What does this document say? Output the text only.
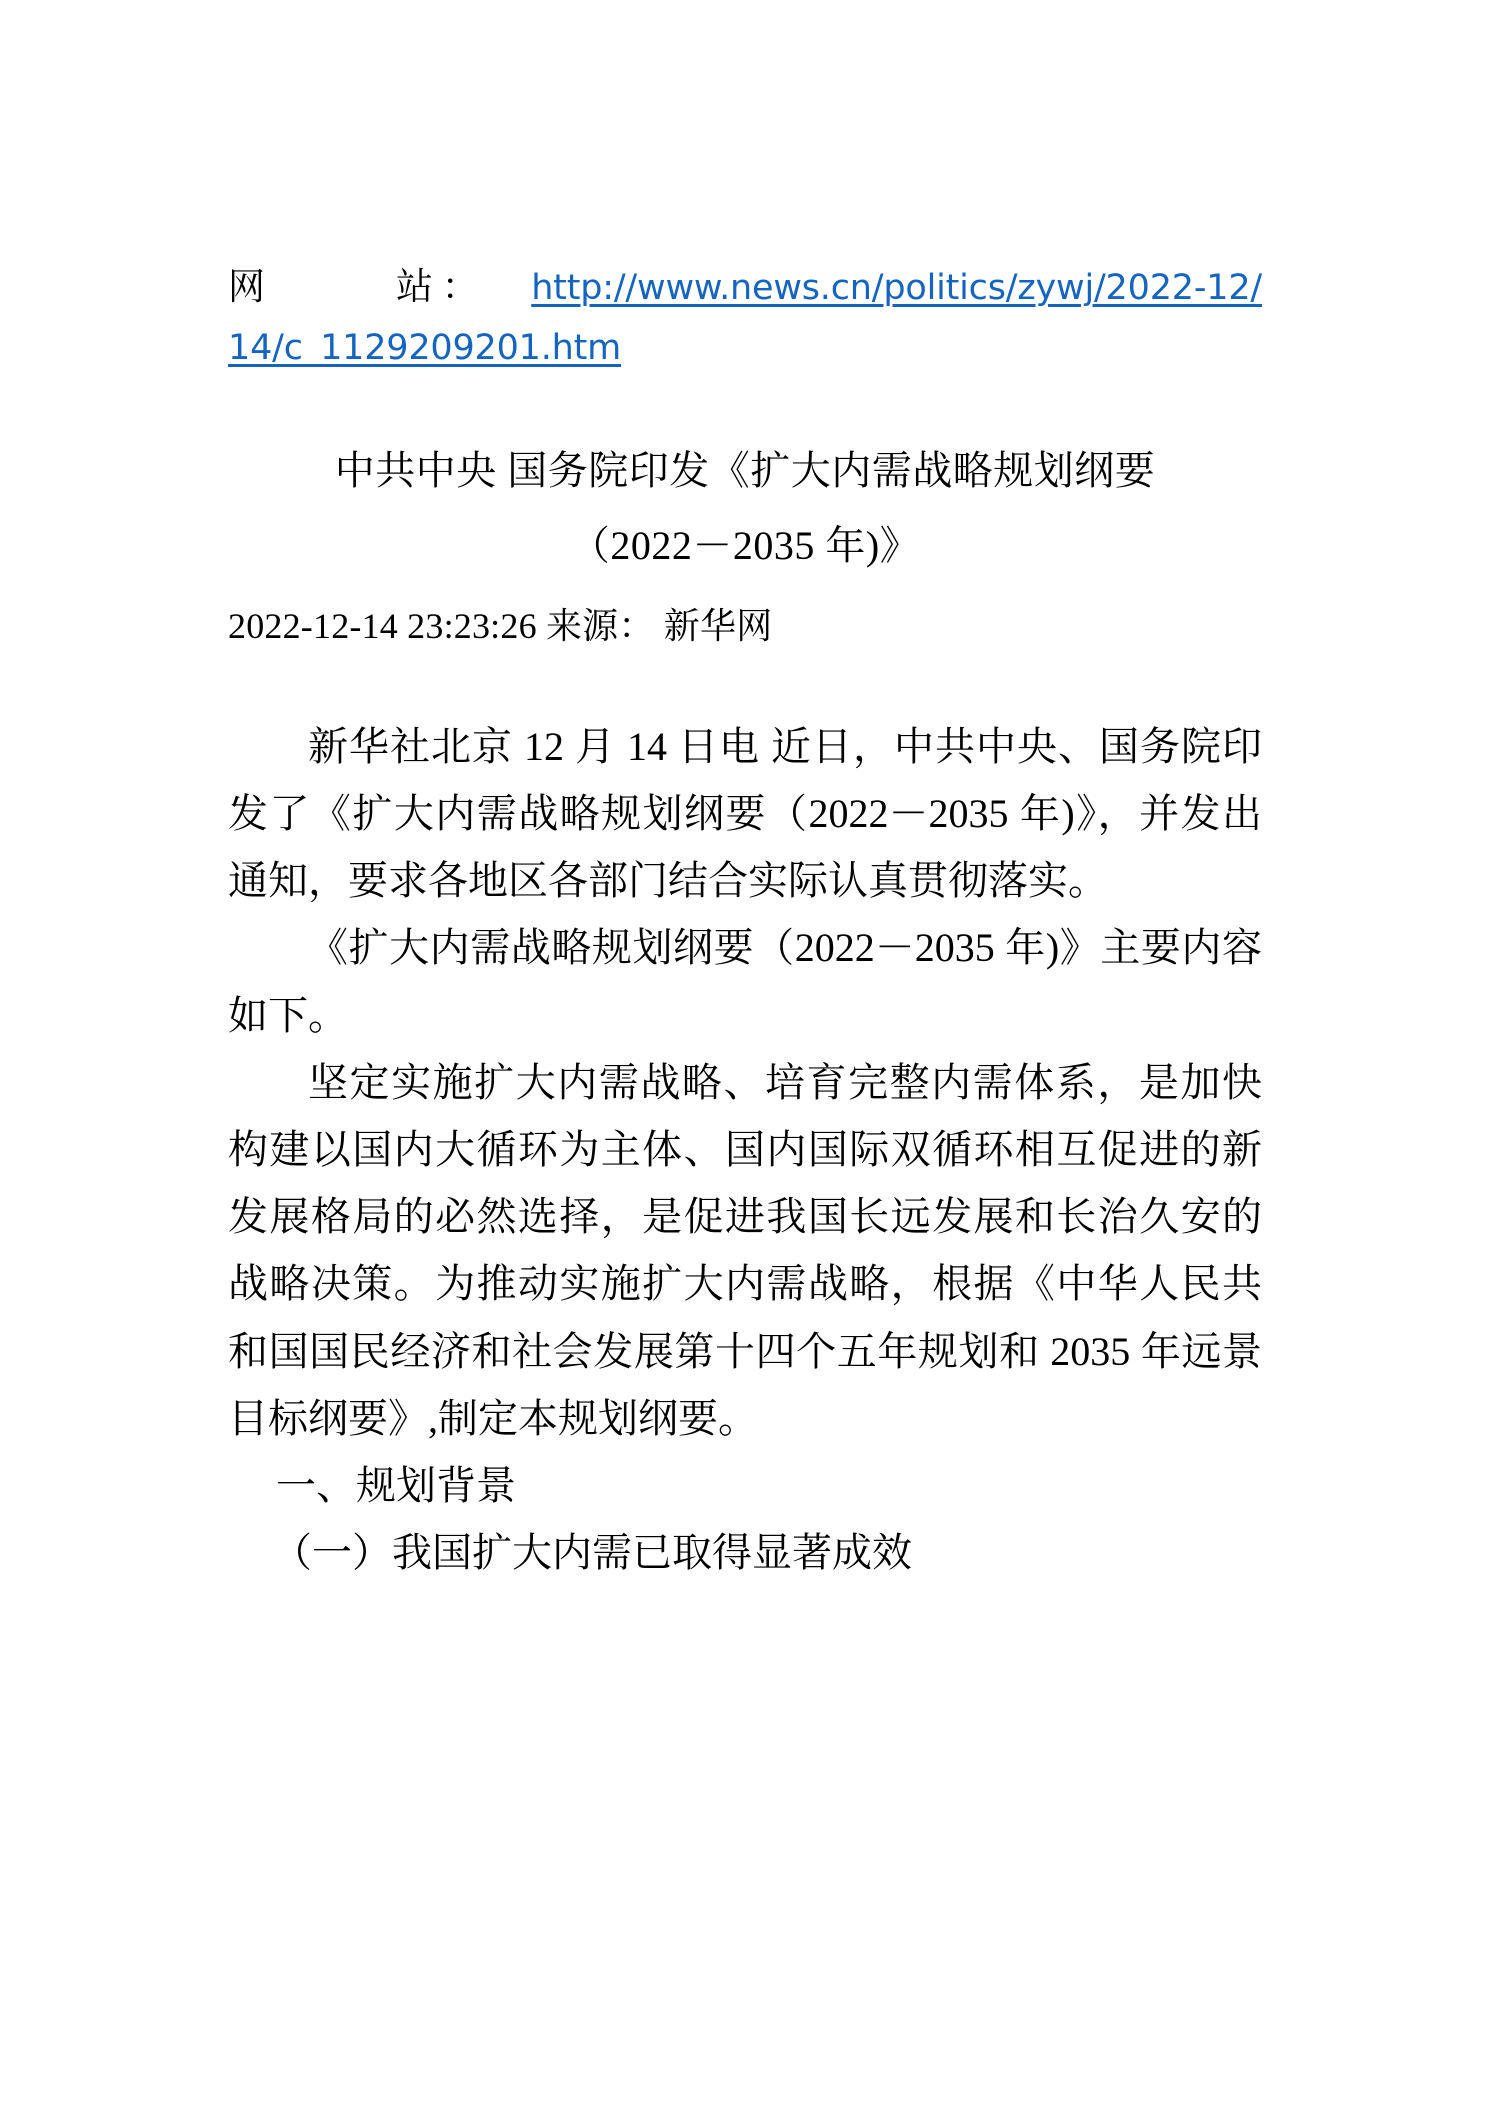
网站： http://www.news.cn/politics/zywj/2022-12/14/c_1129209201.htm
中共中央 国务院印发《扩大内需战略规划纲要
（2022－2035 年)》
2022-12-14 23:23:26 来源： 新华网

新华社北京 12 月 14 日电 近日，中共中央、国务院印发了《扩大内需战略规划纲要（2022－2035 年)》，并发出通知，要求各地区各部门结合实际认真贯彻落实。

《扩大内需战略规划纲要（2022－2035 年)》主要内容如下。

坚定实施扩大内需战略、培育完整内需体系，是加快构建以国内大循环为主体、国内国际双循环相互促进的新发展格局的必然选择，是促进我国长远发展和长治久安的战略决策。为推动实施扩大内需战略，根据《中华人民共和国国民经济和社会发展第十四个五年规划和 2035 年远景目标纲要》,制定本规划纲要。

一、规划背景

（一）我国扩大内需已取得显著成效
